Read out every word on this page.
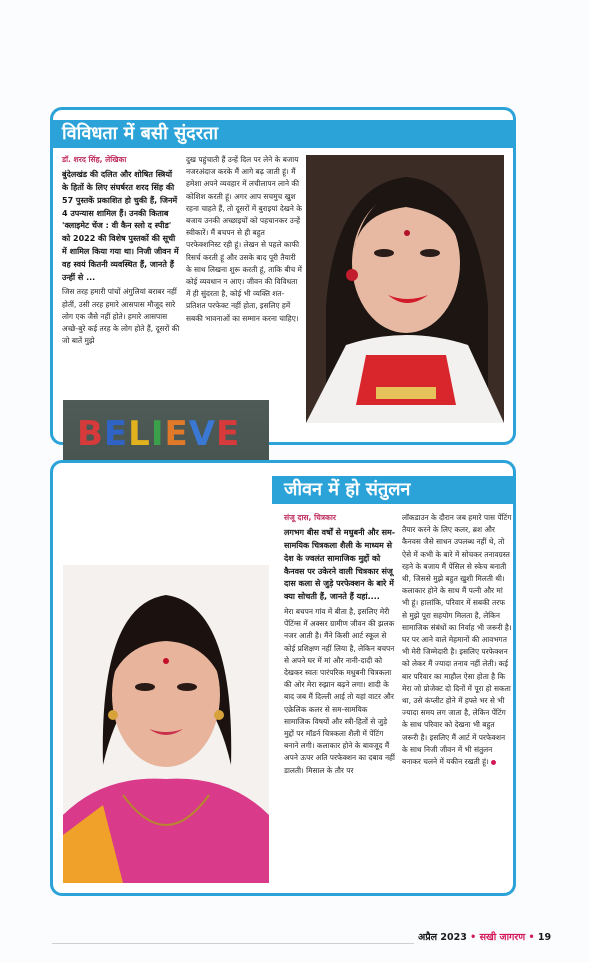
विविधता में बसी सुंदरता

डॉ. शरद सिंह, लेखिका

बुंदेलखंड की दलित और शोषित स्त्रियों के हितों के लिए संघर्षरत शरद सिंह की 57 पुस्तकें प्रकाशित हो चुकी हैं, जिनमें 4 उपन्यास शामिल हैं। उनकी किताब 'क्लाइमेट चेंज : वी कैन स्लो द स्पीड' को 2022 की विशेष पुस्तकों की सूची में शामिल किया गया था। निजी जीवन में वह स्वयं कितनी व्यवस्थित हैं, जानते हैं उन्हीं से ...

जिस तरह हमारी पांचों अंगुलियां बराबर नहीं होतीं, उसी तरह हमारे आसपास मौजूद सारे लोग एक जैसे नहीं होते। हमारे आसपास अच्छे-बुरे कई तरह के लोग होते हैं, दूसरों की जो बातें मुझे

दुख पहुंचाती हैं उन्हें दिल पर लेने के बजाय नजरअंदाज करके मैं आगे बढ़ जाती हूं। मैं हमेशा अपने व्यवहार में लचीलापन लाने की कोशिश करती हूं। अगर आप सचमुच खुश रहना चाहते हैं, तो दूसरों में बुराइयां देखने के बजाय उनकी अच्छाइयों को पहचानकर उन्हें स्वीकारें। मैं बचपन से ही बहुत परफेक्शनिस्ट रही हूं। लेखन से पहले काफी रिसर्च करती हूं और उसके बाद पूरी तैयारी के साथ लिखना शुरू करती हूं, ताकि बीच में कोई व्यवधान न आए। जीवन की विविधता में ही सुंदरता है, कोई भी व्यक्ति शत-प्रतिशत परफेक्ट नहीं होता, इसलिए हमें सबकी भावनाओं का सम्मान करना चाहिए।

BELIEVE
जीवन में हो संतुलन

संजू दास, चित्रकार

लगभग बीस वर्षों से मधुबनी और सम-सामयिक चित्रकला शैली के माध्यम से देश के ज्वलंत सामाजिक मुद्दों को कैनवस पर उकेरने वाली चित्रकार संजू दास कला से जुड़े परफेक्शन के बारे में क्या सोचती हैं, जानते हैं यहां....

मेरा बचपन गांव में बीता है, इसलिए मेरी पेंटिंग्स में अक्सर ग्रामीण जीवन की झलक नजर आती है। मैंने किसी आर्ट स्कूल से कोई प्रशिक्षण नहीं लिया है, लेकिन बचपन से अपने घर में मां और नानी-दादी को देखकर स्वतः पारंपरिक मधुबनी चित्रकला की ओर मेरा रुझान बढ़ने लगा। शादी के बाद जब मैं दिल्ली आई तो यहां वाटर और एक्रेलिक कलर से सम-सामयिक सामाजिक विषयों और स्त्री-हितों से जुड़े मुद्दों पर मॉडर्न चित्रकला शैली में पेंटिंग बनाने लगी। कलाकार होने के बावजूद मैं अपने ऊपर अति परफेक्शन का दबाव नहीं डालती। मिसाल के तौर पर

लॉकडाउन के दौरान जब हमारे पास पेंटिंग तैयार करने के लिए कलर, ब्रश और कैनवस जैसे साधन उपलब्ध नहीं थे, तो ऐसे में कभी के बारे में सोचकर तनावग्रस्त रहने के बजाय मैं पेंसिल से स्केच बनाती थी, जिससे मुझे बहुत खुशी मिलती थी। कलाकार होने के साथ मैं पत्नी और मां भी हूं। हालांकि, परिवार में सबकी तरफ से मुझे पूरा सहयोग मिलता है, लेकिन सामाजिक संबंधों का निर्वाह भी जरूरी है। घर पर आने वाले मेहमानों की आवभगत भी मेरी जिम्मेदारी है। इसलिए परफेक्शन को लेकर मैं ज्यादा तनाव नहीं लेती। कई बार परिवार का माहौल ऐसा होता है कि मेरा जो प्रोजेक्ट दो दिनों में पूरा हो सकता था, उसे कंप्लीट होने में हफ्ते भर से भी ज्यादा समय लग जाता है, लेकिन पेंटिंग के साथ परिवार को देखना भी बहुत जरूरी है। इसलिए मैं आर्ट में परफेक्शन के साथ निजी जीवन में भी संतुलन बनाकर चलने में यकीन रखती हूं।

अप्रैल 2023 • सखी जागरण • 19
